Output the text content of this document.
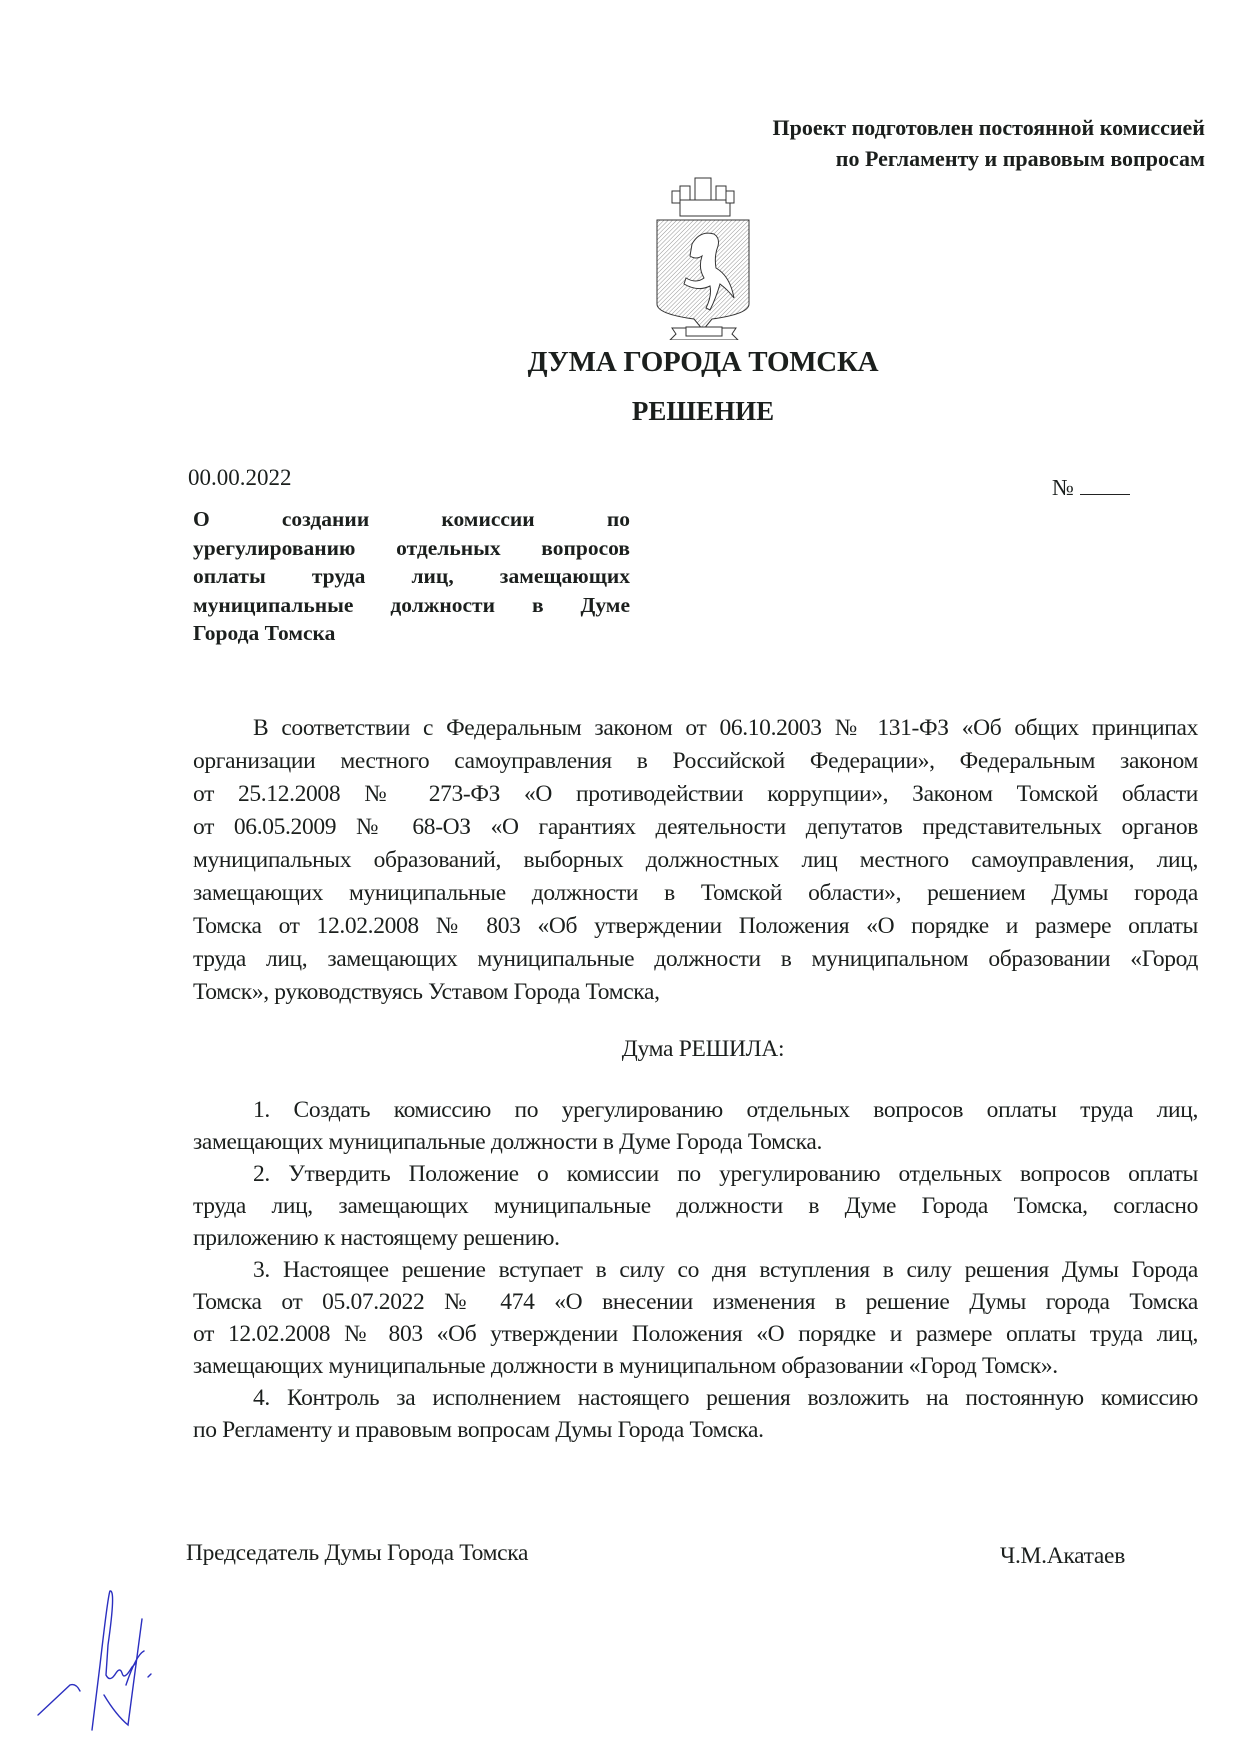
Проект подготовлен постоянной комиссией
по Регламенту и правовым вопросам
ДУМА ГОРОДА ТОМСКА
РЕШЕНИЕ
00.00.2022	№
О создании комиссии по
урегулированию отдельных вопросов
оплаты труда лиц, замещающих
муниципальные должности в Думе
Города Томска
В соответствии с Федеральным законом от 06.10.2003 № 131-ФЗ «Об общих принципах
организации местного самоуправления в Российской Федерации», Федеральным законом
от 25.12.2008 № 273-ФЗ «О противодействии коррупции», Законом Томской области
от 06.05.2009 № 68-ОЗ «О гарантиях деятельности депутатов представительных органов
муниципальных образований, выборных должностных лиц местного самоуправления, лиц,
замещающих муниципальные должности в Томской области», решением Думы города
Томска от 12.02.2008 № 803 «Об утверждении Положения «О порядке и размере оплаты
труда лиц, замещающих муниципальные должности в муниципальном образовании «Город
Томск», руководствуясь Уставом Города Томска,
Дума РЕШИЛА:
1. Создать комиссию по урегулированию отдельных вопросов оплаты труда лиц,
замещающих муниципальные должности в Думе Города Томска.
2. Утвердить Положение о комиссии по урегулированию отдельных вопросов оплаты
труда лиц, замещающих муниципальные должности в Думе Города Томска, согласно
приложению к настоящему решению.
3. Настоящее решение вступает в силу со дня вступления в силу решения Думы Города
Томска от 05.07.2022 № 474 «О внесении изменения в решение Думы города Томска
от 12.02.2008 № 803 «Об утверждении Положения «О порядке и размере оплаты труда лиц,
замещающих муниципальные должности в муниципальном образовании «Город Томск».
4. Контроль за исполнением настоящего решения возложить на постоянную комиссию
по Регламенту и правовым вопросам Думы Города Томска.
Председатель Думы Города Томска	Ч.М.Акатаев
